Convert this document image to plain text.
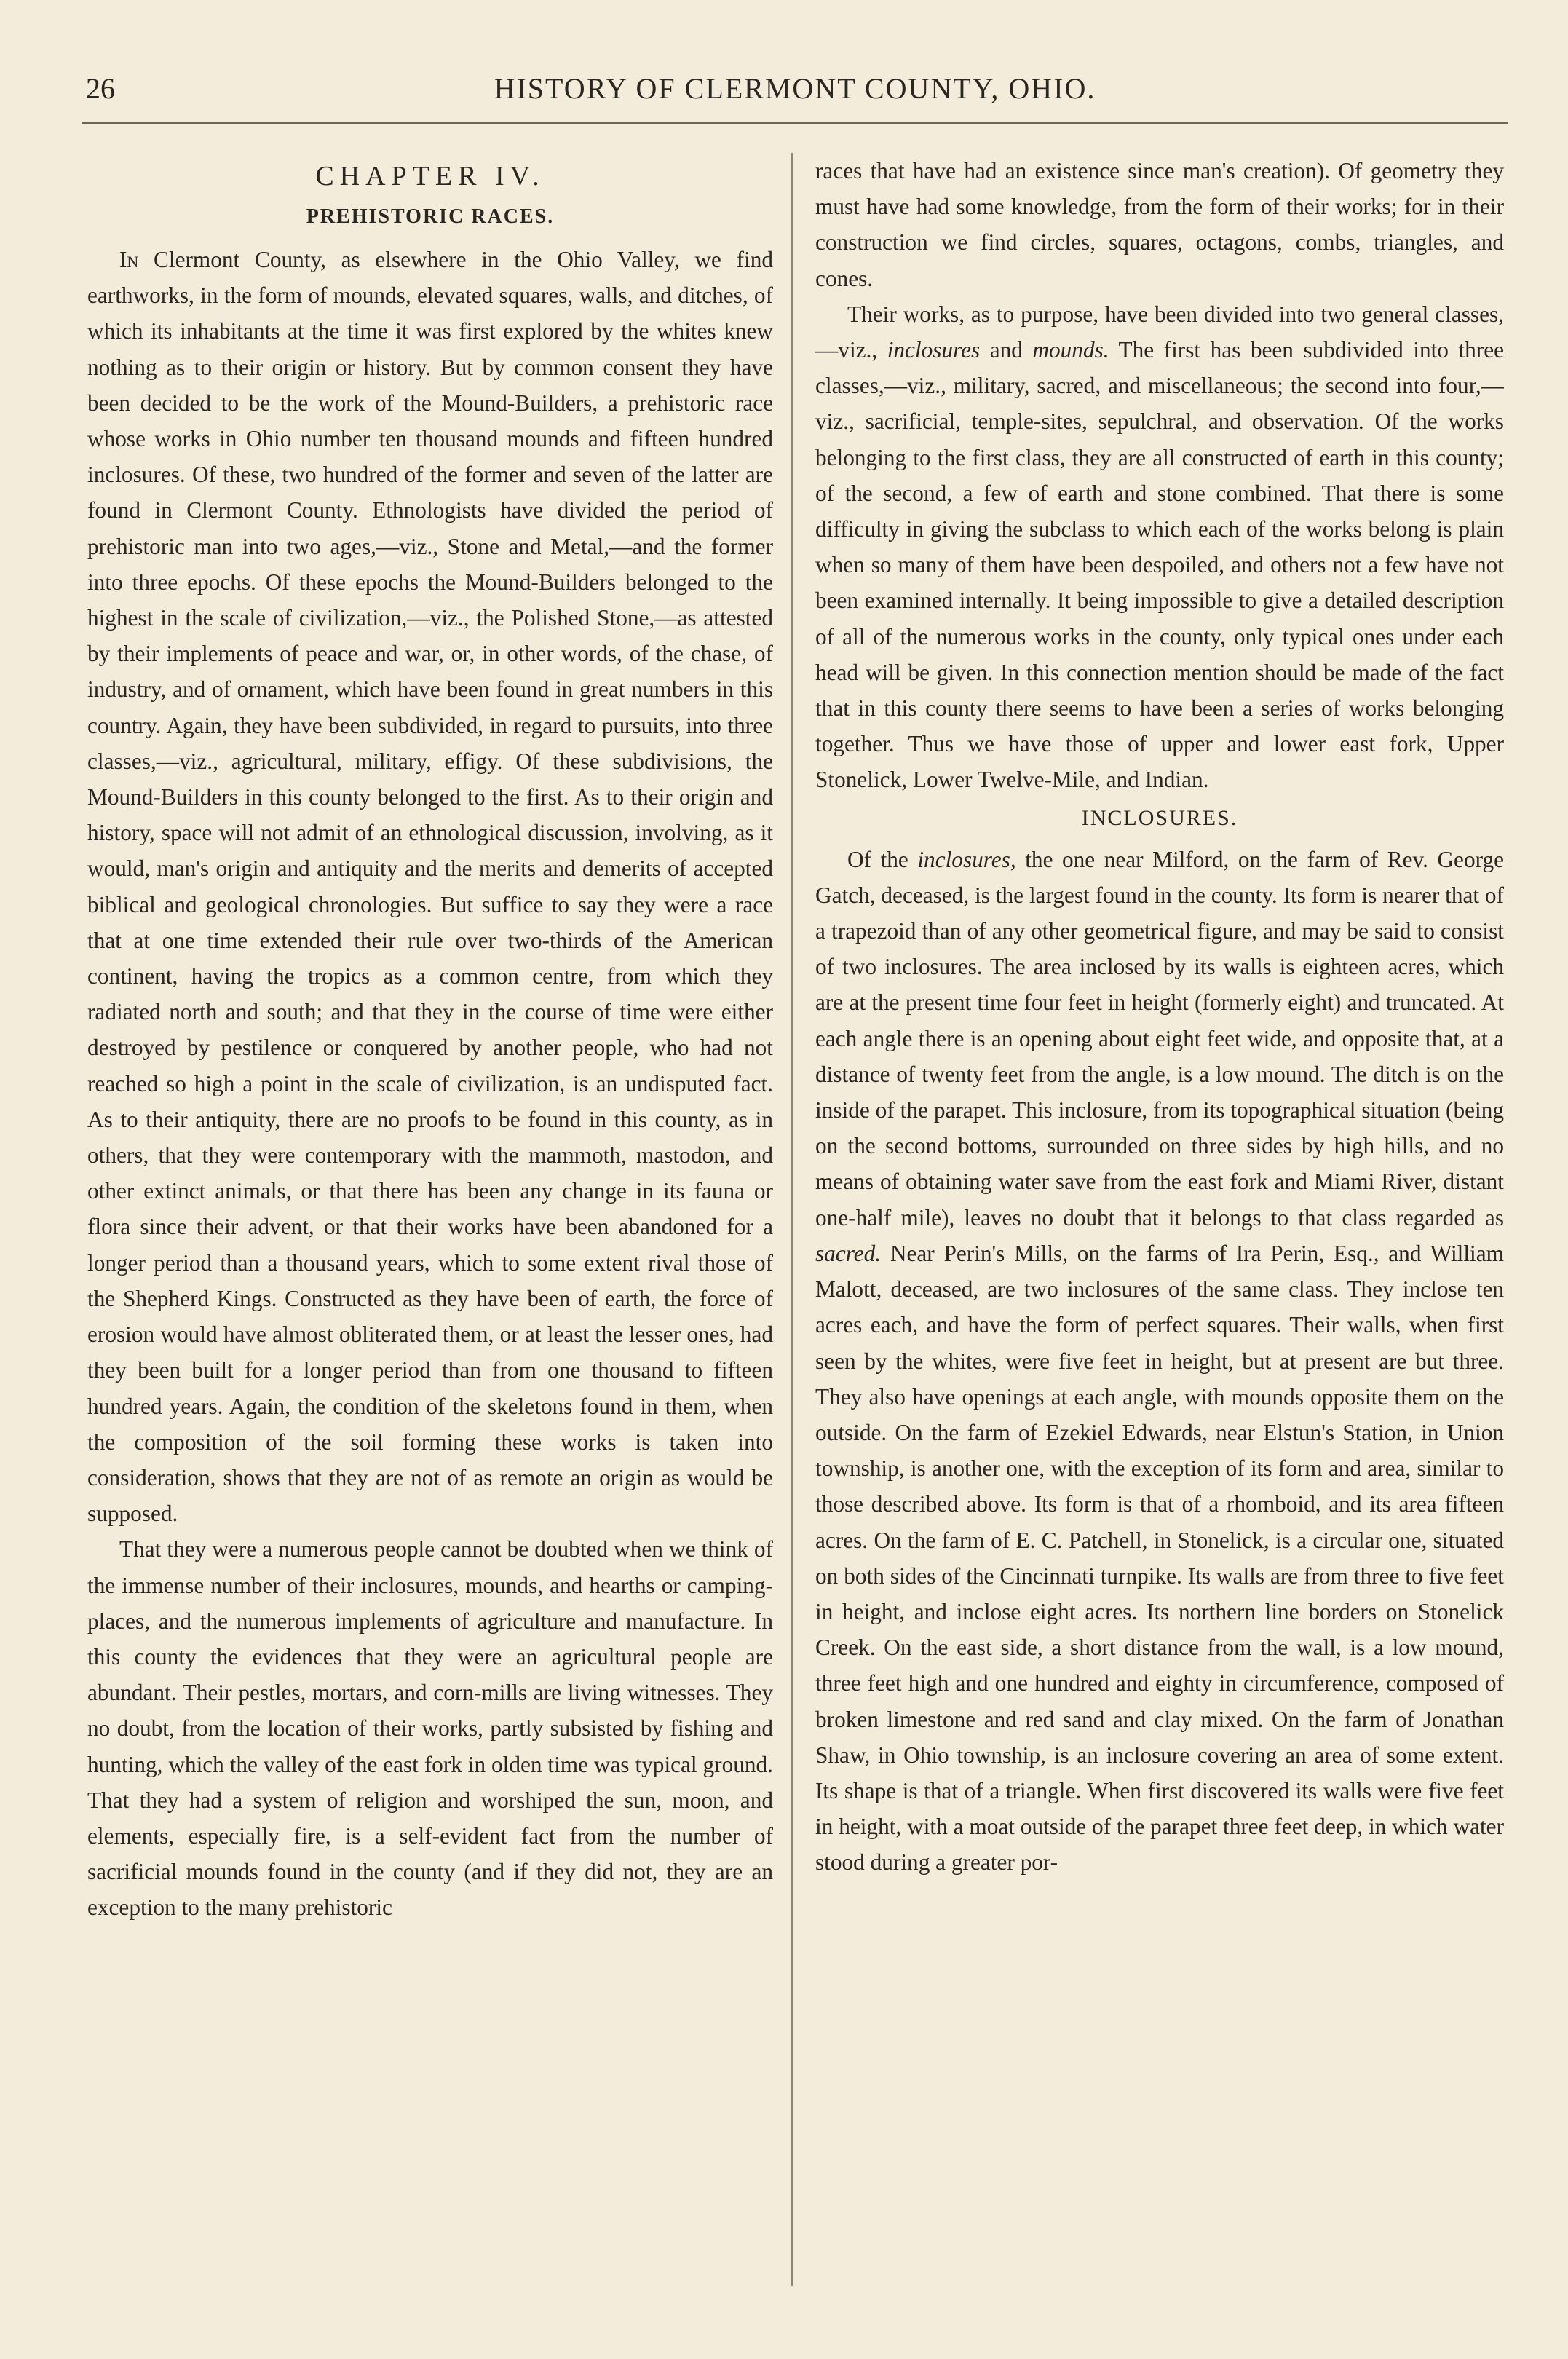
26	HISTORY OF CLERMONT COUNTY, OHIO.
CHAPTER IV.
PREHISTORIC RACES.

In Clermont County, as elsewhere in the Ohio Valley, we find earthworks, in the form of mounds, elevated squares, walls, and ditches, of which its inhabitants at the time it was first explored by the whites knew nothing as to their origin or history. But by common consent they have been decided to be the work of the Mound-Builders, a prehistoric race whose works in Ohio number ten thousand mounds and fifteen hundred inclosures. Of these, two hundred of the former and seven of the latter are found in Clermont County. Ethnologists have divided the period of prehistoric man into two ages,—viz., Stone and Metal,—and the former into three epochs. Of these epochs the Mound-Builders belonged to the highest in the scale of civilization,—viz., the Polished Stone,—as attested by their implements of peace and war, or, in other words, of the chase, of industry, and of ornament, which have been found in great numbers in this country. Again, they have been subdivided, in regard to pursuits, into three classes,—viz., agricultural, military, effigy. Of these subdivisions, the Mound-Builders in this county belonged to the first. As to their origin and history, space will not admit of an ethnological discussion, involving, as it would, man's origin and antiquity and the merits and demerits of accepted biblical and geological chronologies. But suffice to say they were a race that at one time extended their rule over two-thirds of the American continent, having the tropics as a common centre, from which they radiated north and south; and that they in the course of time were either destroyed by pestilence or conquered by another people, who had not reached so high a point in the scale of civilization, is an undisputed fact. As to their antiquity, there are no proofs to be found in this county, as in others, that they were contemporary with the mammoth, mastodon, and other extinct animals, or that there has been any change in its fauna or flora since their advent, or that their works have been abandoned for a longer period than a thousand years, which to some extent rival those of the Shepherd Kings. Constructed as they have been of earth, the force of erosion would have almost obliterated them, or at least the lesser ones, had they been built for a longer period than from one thousand to fifteen hundred years. Again, the condition of the skeletons found in them, when the composition of the soil forming these works is taken into consideration, shows that they are not of as remote an origin as would be supposed.

That they were a numerous people cannot be doubted when we think of the immense number of their inclosures, mounds, and hearths or camping-places, and the numerous implements of agriculture and manufacture. In this county the evidences that they were an agricultural people are abundant. Their pestles, mortars, and corn-mills are living witnesses. They no doubt, from the location of their works, partly subsisted by fishing and hunting, which the valley of the east fork in olden time was typical ground. That they had a system of religion and worshiped the sun, moon, and elements, especially fire, is a self-evident fact from the number of sacrificial mounds found in the county (and if they did not, they are an exception to the many prehistoric

races that have had an existence since man's creation). Of geometry they must have had some knowledge, from the form of their works; for in their construction we find circles, squares, octagons, combs, triangles, and cones.

Their works, as to purpose, have been divided into two general classes,—viz., inclosures and mounds. The first has been subdivided into three classes,—viz., military, sacred, and miscellaneous; the second into four,—viz., sacrificial, temple-sites, sepulchral, and observation. Of the works belonging to the first class, they are all constructed of earth in this county; of the second, a few of earth and stone combined. That there is some difficulty in giving the subclass to which each of the works belong is plain when so many of them have been despoiled, and others not a few have not been examined internally. It being impossible to give a detailed description of all of the numerous works in the county, only typical ones under each head will be given. In this connection mention should be made of the fact that in this county there seems to have been a series of works belonging together. Thus we have those of upper and lower east fork, Upper Stonelick, Lower Twelve-Mile, and Indian.

INCLOSURES.

Of the inclosures, the one near Milford, on the farm of Rev. George Gatch, deceased, is the largest found in the county. Its form is nearer that of a trapezoid than of any other geometrical figure, and may be said to consist of two inclosures. The area inclosed by its walls is eighteen acres, which are at the present time four feet in height (formerly eight) and truncated. At each angle there is an opening about eight feet wide, and opposite that, at a distance of twenty feet from the angle, is a low mound. The ditch is on the inside of the parapet. This inclosure, from its topographical situation (being on the second bottoms, surrounded on three sides by high hills, and no means of obtaining water save from the east fork and Miami River, distant one-half mile), leaves no doubt that it belongs to that class regarded as sacred. Near Perin's Mills, on the farms of Ira Perin, Esq., and William Malott, deceased, are two inclosures of the same class. They inclose ten acres each, and have the form of perfect squares. Their walls, when first seen by the whites, were five feet in height, but at present are but three. They also have openings at each angle, with mounds opposite them on the outside. On the farm of Ezekiel Edwards, near Elstun's Station, in Union township, is another one, with the exception of its form and area, similar to those described above. Its form is that of a rhomboid, and its area fifteen acres. On the farm of E. C. Patchell, in Stonelick, is a circular one, situated on both sides of the Cincinnati turnpike. Its walls are from three to five feet in height, and inclose eight acres. Its northern line borders on Stonelick Creek. On the east side, a short distance from the wall, is a low mound, three feet high and one hundred and eighty in circumference, composed of broken limestone and red sand and clay mixed. On the farm of Jonathan Shaw, in Ohio township, is an inclosure covering an area of some extent. Its shape is that of a triangle. When first discovered its walls were five feet in height, with a moat outside of the parapet three feet deep, in which water stood during a greater por-
